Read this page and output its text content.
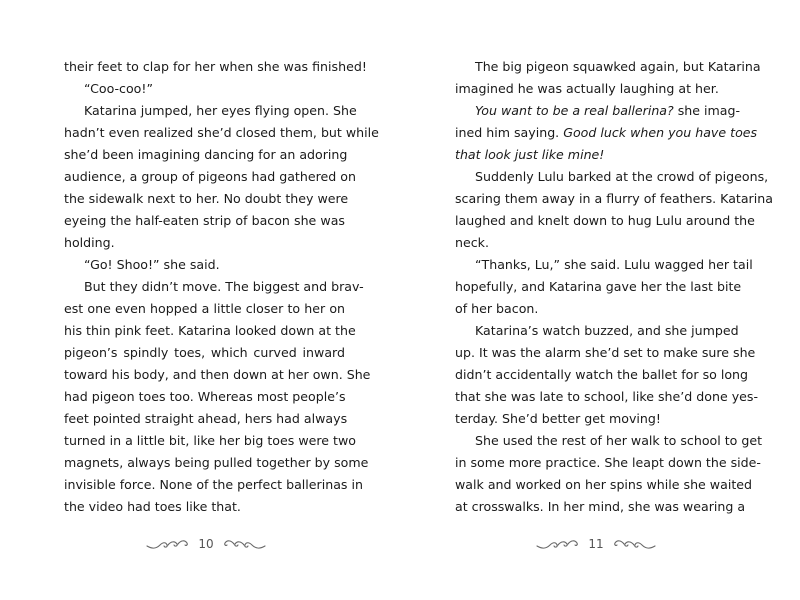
their feet to clap for her when she was finished!
“Coo-coo!”
Katarina jumped, her eyes flying open. She
hadn’t even realized she’d closed them, but while
she’d been imagining dancing for an adoring
audience, a group of pigeons had gathered on
the sidewalk next to her. No doubt they were
eyeing the half-eaten strip of bacon she was
holding.
“Go! Shoo!” she said.
But they didn’t move. The biggest and brav-
est one even hopped a little closer to her on
his thin pink feet. Katarina looked down at the
pigeon’s spindly toes, which curved inward
toward his body, and then down at her own. She
had pigeon toes too. Whereas most people’s
feet pointed straight ahead, hers had always
turned in a little bit, like her big toes were two
magnets, always being pulled together by some
invisible force. None of the perfect ballerinas in
the video had toes like that.
The big pigeon squawked again, but Katarina
imagined he was actually laughing at her.
You want to be a real ballerina? she imag-
ined him saying. Good luck when you have toes
that look just like mine!
Suddenly Lulu barked at the crowd of pigeons,
scaring them away in a flurry of feathers. Katarina
laughed and knelt down to hug Lulu around the
neck.
“Thanks, Lu,” she said. Lulu wagged her tail
hopefully, and Katarina gave her the last bite
of her bacon.
Katarina’s watch buzzed, and she jumped
up. It was the alarm she’d set to make sure she
didn’t accidentally watch the ballet for so long
that she was late to school, like she’d done yes-
terday. She’d better get moving!
She used the rest of her walk to school to get
in some more practice. She leapt down the side-
walk and worked on her spins while she waited
at crosswalks. In her mind, she was wearing a
10	11
